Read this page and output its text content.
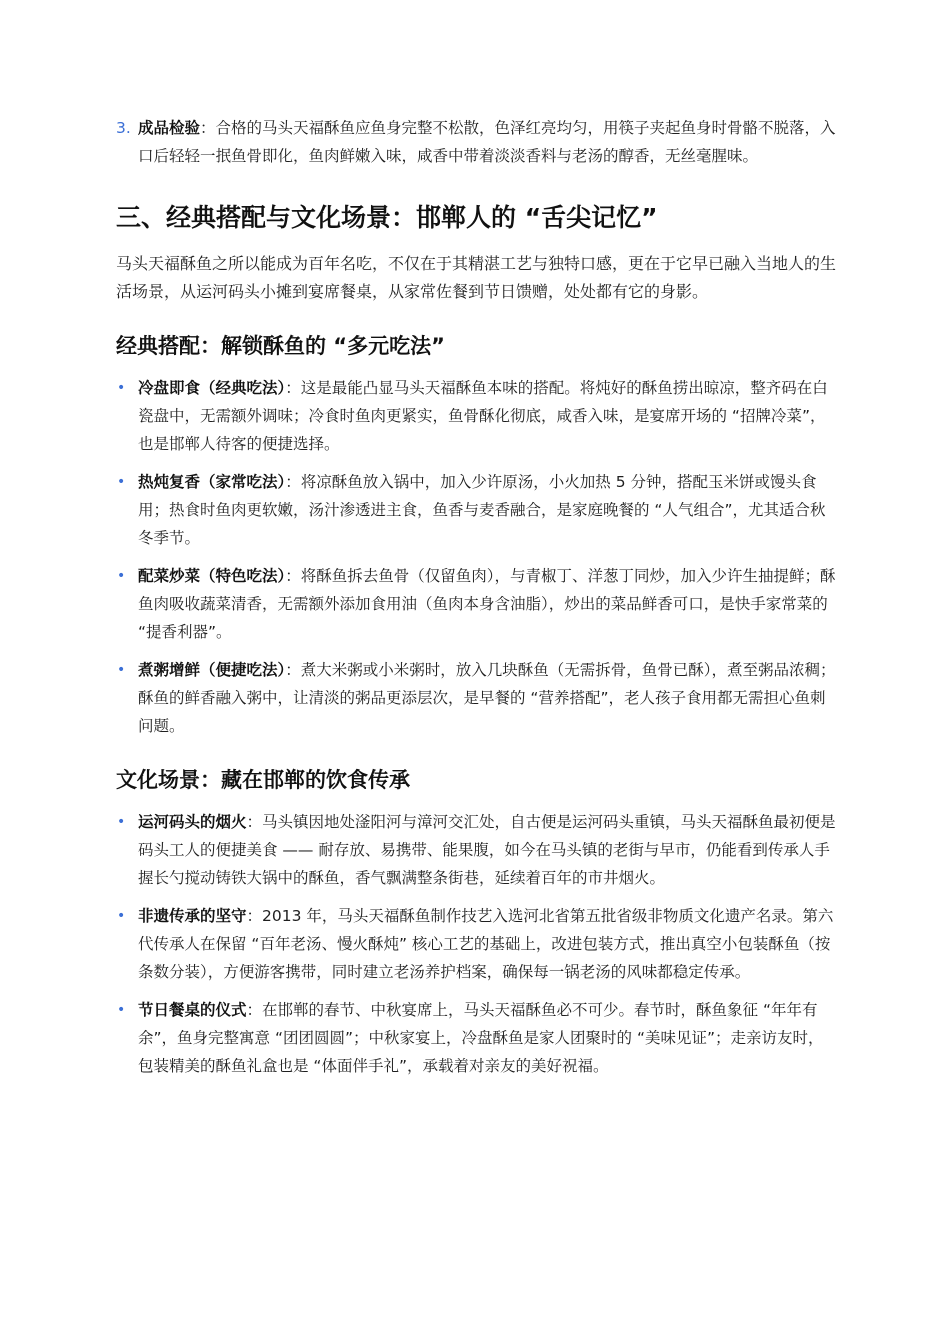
3. 成品检验：合格的马头天福酥鱼应鱼身完整不松散，色泽红亮均匀，用筷子夹起鱼身时骨骼不脱落，入口后轻轻一抿鱼骨即化，鱼肉鲜嫩入味，咸香中带着淡淡香料与老汤的醇香，无丝毫腥味。
三、经典搭配与文化场景：邯郸人的 “舌尖记忆”

马头天福酥鱼之所以能成为百年名吃，不仅在于其精湛工艺与独特口感，更在于它早已融入当地人的生活场景，从运河码头小摊到宴席餐桌，从家常佐餐到节日馈赠，处处都有它的身影。

经典搭配：解锁酥鱼的 “多元吃法”
• 冷盘即食（经典吃法）：这是最能凸显马头天福酥鱼本味的搭配。将炖好的酥鱼捞出晾凉，整齐码在白瓷盘中，无需额外调味；冷食时鱼肉更紧实，鱼骨酥化彻底，咸香入味，是宴席开场的 “招牌冷菜”，也是邯郸人待客的便捷选择。
• 热炖复香（家常吃法）：将凉酥鱼放入锅中，加入少许原汤，小火加热 5 分钟，搭配玉米饼或馒头食用；热食时鱼肉更软嫩，汤汁渗透进主食，鱼香与麦香融合，是家庭晚餐的 “人气组合”，尤其适合秋冬季节。
• 配菜炒菜（特色吃法）：将酥鱼拆去鱼骨（仅留鱼肉），与青椒丁、洋葱丁同炒，加入少许生抽提鲜；酥鱼肉吸收蔬菜清香，无需额外添加食用油（鱼肉本身含油脂），炒出的菜品鲜香可口，是快手家常菜的 “提香利器”。
• 煮粥增鲜（便捷吃法）：煮大米粥或小米粥时，放入几块酥鱼（无需拆骨，鱼骨已酥），煮至粥品浓稠；酥鱼的鲜香融入粥中，让清淡的粥品更添层次，是早餐的 “营养搭配”，老人孩子食用都无需担心鱼刺问题。
文化场景：藏在邯郸的饮食传承
• 运河码头的烟火：马头镇因地处滏阳河与漳河交汇处，自古便是运河码头重镇，马头天福酥鱼最初便是码头工人的便捷美食 —— 耐存放、易携带、能果腹，如今在马头镇的老街与早市，仍能看到传承人手握长勺搅动铸铁大锅中的酥鱼，香气飘满整条街巷，延续着百年的市井烟火。
• 非遗传承的坚守：2013 年，马头天福酥鱼制作技艺入选河北省第五批省级非物质文化遗产名录。第六代传承人在保留 “百年老汤、慢火酥炖” 核心工艺的基础上，改进包装方式，推出真空小包装酥鱼（按条数分装），方便游客携带，同时建立老汤养护档案，确保每一锅老汤的风味都稳定传承。
• 节日餐桌的仪式：在邯郸的春节、中秋宴席上，马头天福酥鱼必不可少。春节时，酥鱼象征 “年年有余”，鱼身完整寓意 “团团圆圆”；中秋家宴上，冷盘酥鱼是家人团聚时的 “美味见证”；走亲访友时，包装精美的酥鱼礼盒也是 “体面伴手礼”，承载着对亲友的美好祝福。
